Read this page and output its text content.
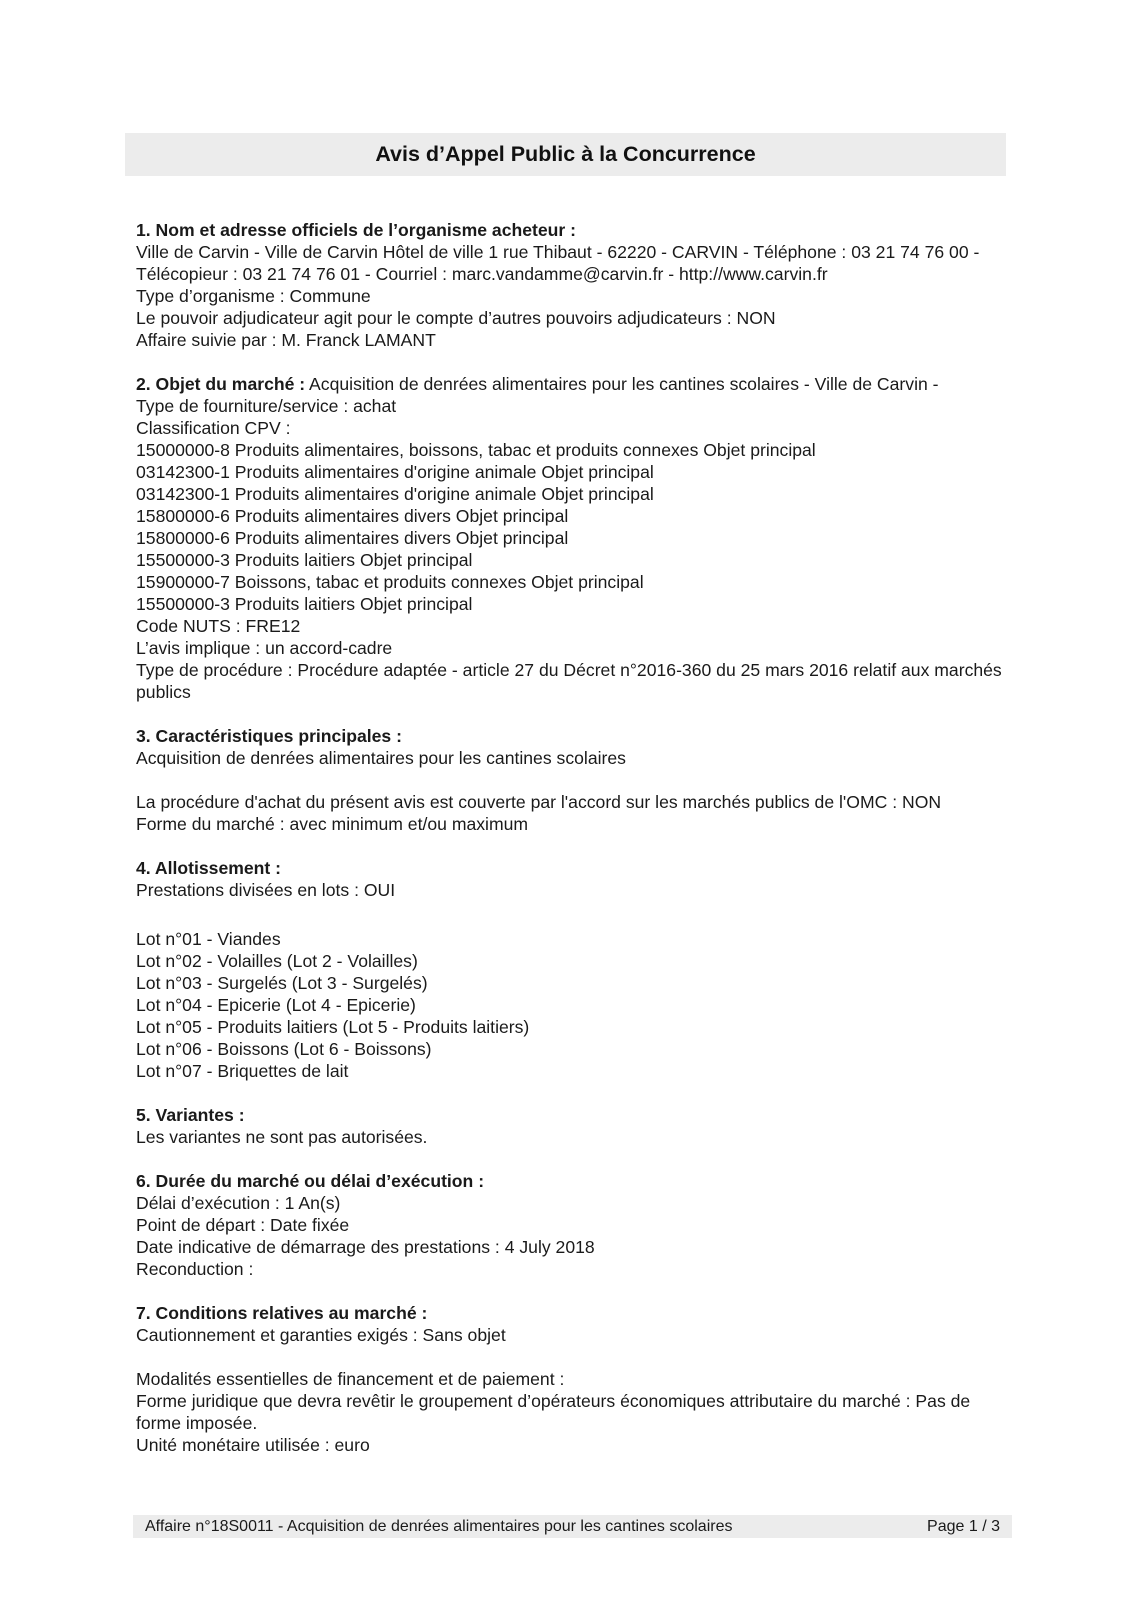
Avis d’Appel Public à la Concurrence
1. Nom et adresse officiels de l’organisme acheteur :
Ville de Carvin - Ville de Carvin Hôtel de ville 1 rue Thibaut - 62220 - CARVIN - Téléphone : 03 21 74 76 00 - Télécopieur : 03 21 74 76 01 - Courriel : marc.vandamme@carvin.fr - http://www.carvin.fr
Type d’organisme : Commune
Le pouvoir adjudicateur agit pour le compte d’autres pouvoirs adjudicateurs : NON
Affaire suivie par : M. Franck LAMANT
2. Objet du marché : Acquisition de denrées alimentaires pour les cantines scolaires - Ville de Carvin -
Type de fourniture/service : achat
Classification CPV :
15000000-8 Produits alimentaires, boissons, tabac et produits connexes Objet principal
03142300-1 Produits alimentaires d'origine animale Objet principal
03142300-1 Produits alimentaires d'origine animale Objet principal
15800000-6 Produits alimentaires divers Objet principal
15800000-6 Produits alimentaires divers Objet principal
15500000-3 Produits laitiers Objet principal
15900000-7 Boissons, tabac et produits connexes Objet principal
15500000-3 Produits laitiers Objet principal
Code NUTS : FRE12
L’avis implique : un accord-cadre
Type de procédure : Procédure adaptée - article 27 du Décret n°2016-360 du 25 mars 2016 relatif aux marchés publics
3. Caractéristiques principales :
Acquisition de denrées alimentaires pour les cantines scolaires
La procédure d'achat du présent avis est couverte par l'accord sur les marchés publics de l'OMC : NON
Forme du marché : avec minimum et/ou maximum
4. Allotissement :
Prestations divisées en lots : OUI
Lot n°01 - Viandes
Lot n°02 - Volailles (Lot 2 - Volailles)
Lot n°03 - Surgelés (Lot 3 - Surgelés)
Lot n°04 - Epicerie (Lot 4 - Epicerie)
Lot n°05 - Produits laitiers (Lot 5 - Produits laitiers)
Lot n°06 - Boissons (Lot 6 - Boissons)
Lot n°07 - Briquettes de lait
5. Variantes :
Les variantes ne sont pas autorisées.
6. Durée du marché ou délai d’exécution :
Délai d’exécution : 1 An(s)
Point de départ : Date fixée
Date indicative de démarrage des prestations : 4 July 2018
Reconduction :
7. Conditions relatives au marché :
Cautionnement et garanties exigés : Sans objet
Modalités essentielles de financement et de paiement :
Forme juridique que devra revêtir le groupement d’opérateurs économiques attributaire du marché : Pas de forme imposée.
Unité monétaire utilisée : euro
Affaire n°18S0011 - Acquisition de denrées alimentaires pour les cantines scolaires	Page 1 / 3
